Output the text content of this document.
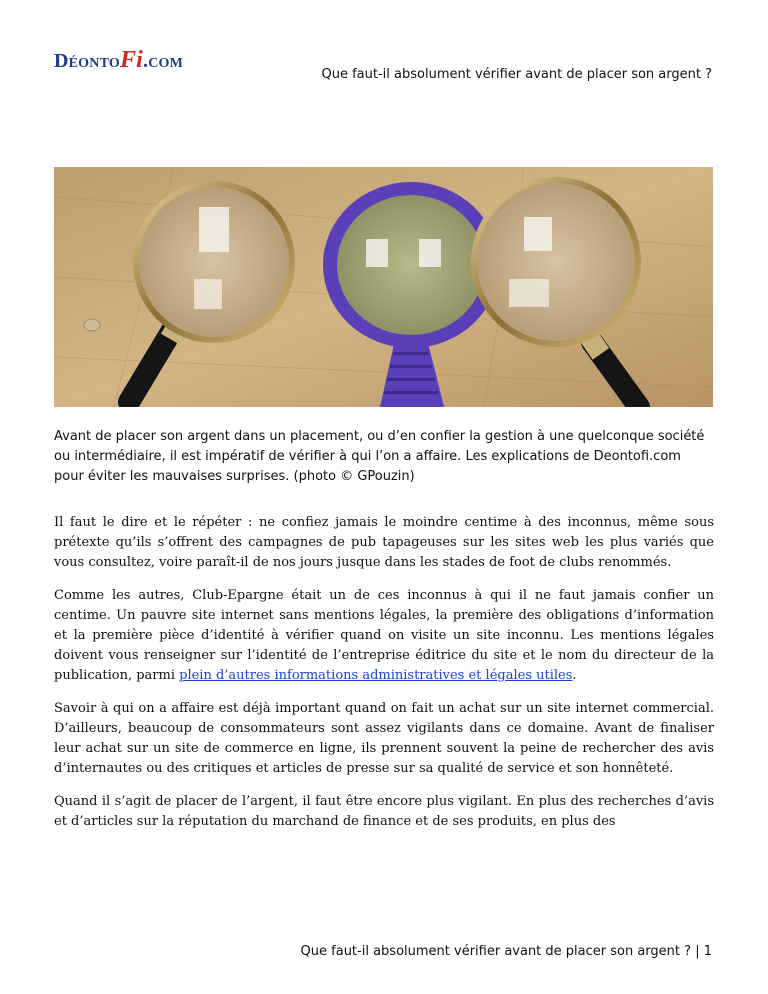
DéontoFi.com
Que faut-il absolument vérifier avant de placer son argent ?
Avant de placer son argent dans un placement, ou d’en confier la gestion à une quelconque société ou intermédiaire, il est impératif de vérifier à qui l’on a affaire. Les explications de Deontofi.com pour éviter les mauvaises surprises. (photo © GPouzin)

Il faut le dire et le répéter : ne confiez jamais le moindre centime à des inconnus, même sous prétexte qu’ils s’offrent des campagnes de pub tapageuses sur les sites web les plus variés que vous consultez, voire paraît-il de nos jours jusque dans les stades de foot de clubs renommés.

Comme les autres, Club-Epargne était un de ces inconnus à qui il ne faut jamais confier un centime. Un pauvre site internet sans mentions légales, la première des obligations d’information et la première pièce d’identité à vérifier quand on visite un site inconnu. Les mentions légales doivent vous renseigner sur l’identité de l’entreprise éditrice du site et le nom du directeur de la publication, parmi plein d’autres informations administratives et légales utiles.

Savoir à qui on a affaire est déjà important quand on fait un achat sur un site internet commercial. D’ailleurs, beaucoup de consommateurs sont assez vigilants dans ce domaine. Avant de finaliser leur achat sur un site de commerce en ligne, ils prennent souvent la peine de rechercher des avis d’internautes ou des critiques et articles de presse sur sa qualité de service et son honnêteté.

Quand il s’agit de placer de l’argent, il faut être encore plus vigilant. En plus des recherches d’avis et d’articles sur la réputation du marchand de finance et de ses produits, en plus des

Que faut-il absolument vérifier avant de placer son argent ? | 1
